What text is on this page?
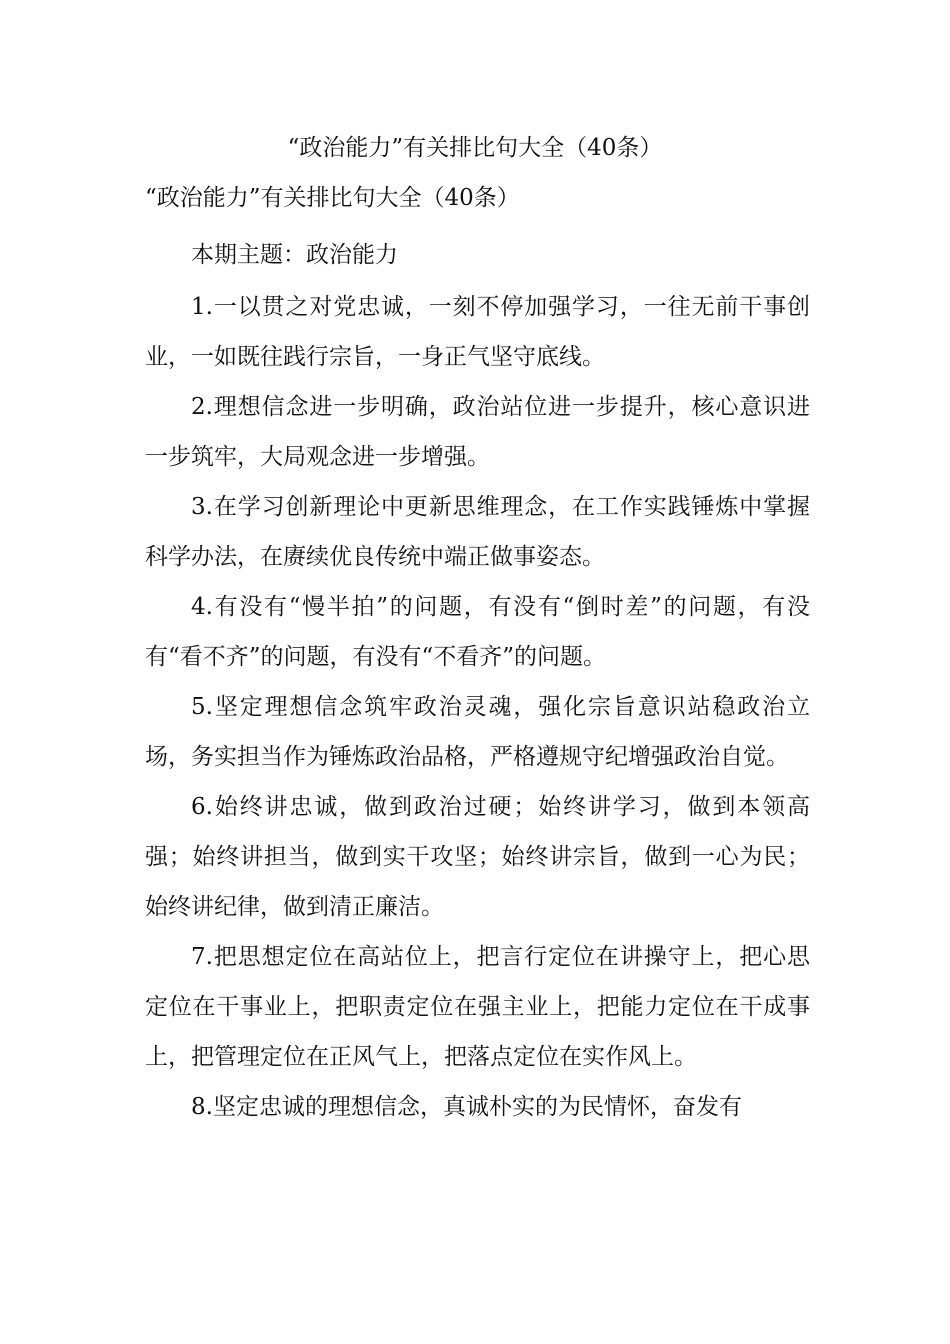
“政治能力”有关排比句大全（40条）

“政治能力”有关排比句大全（40条）

本期主题：政治能力

1.一以贯之对党忠诚，一刻不停加强学习，一往无前干事创业，一如既往践行宗旨，一身正气坚守底线。

2.理想信念进一步明确，政治站位进一步提升，核心意识进一步筑牢，大局观念进一步增强。

3.在学习创新理论中更新思维理念，在工作实践锤炼中掌握科学办法，在赓续优良传统中端正做事姿态。

4.有没有“慢半拍”的问题，有没有“倒时差”的问题，有没有“看不齐”的问题，有没有“不看齐”的问题。

5.坚定理想信念筑牢政治灵魂，强化宗旨意识站稳政治立场，务实担当作为锤炼政治品格，严格遵规守纪增强政治自觉。

6.始终讲忠诚，做到政治过硬；始终讲学习，做到本领高强；始终讲担当，做到实干攻坚；始终讲宗旨，做到一心为民；始终讲纪律，做到清正廉洁。

7.把思想定位在高站位上，把言行定位在讲操守上，把心思定位在干事业上，把职责定位在强主业上，把能力定位在干成事上，把管理定位在正风气上，把落点定位在实作风上。

8.坚定忠诚的理想信念，真诚朴实的为民情怀，奋发有
